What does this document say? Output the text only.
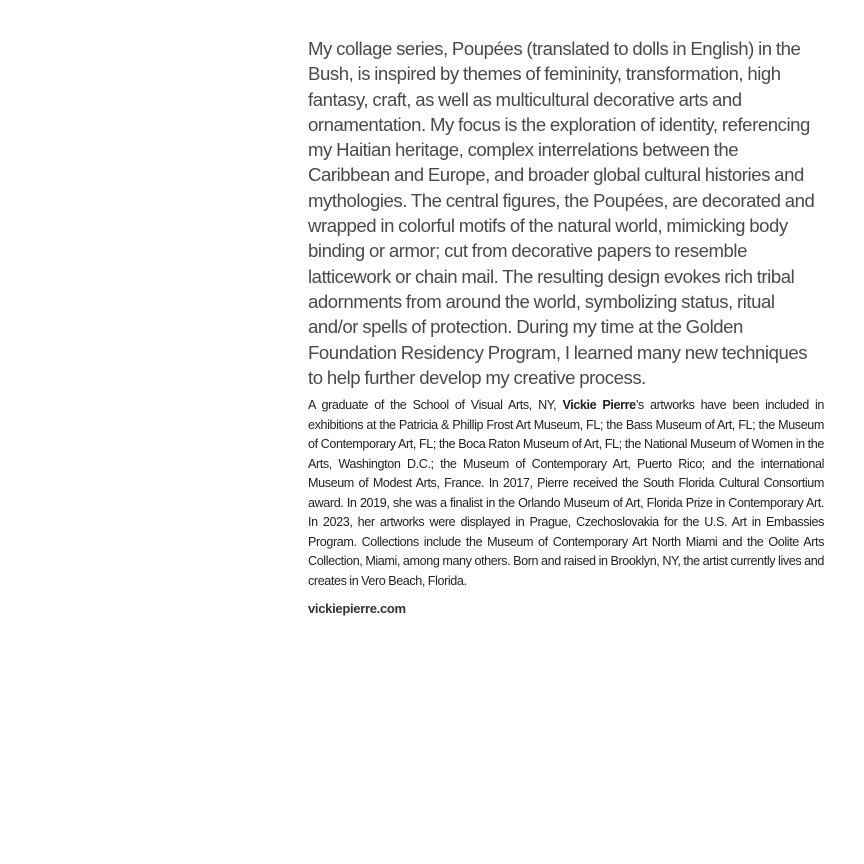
My collage series, Poupées (translated to dolls in English) in the Bush, is inspired by themes of femininity, transformation, high fantasy, craft, as well as multicultural decorative arts and ornamentation. My focus is the exploration of identity, referencing my Haitian heritage, complex interrelations between the Caribbean and Europe, and broader global cultural histories and mythologies. The central figures, the Poupées, are decorated and wrapped in colorful motifs of the natural world, mimicking body binding or armor; cut from decorative papers to resemble latticework or chain mail. The resulting design evokes rich tribal adornments from around the world, symbolizing status, ritual and/or spells of protection. During my time at the Golden Foundation Residency Program, I learned many new techniques to help further develop my creative process.

A graduate of the School of Visual Arts, NY, Vickie Pierre’s artworks have been included in exhibitions at the Patricia & Phillip Frost Art Museum, FL; the Bass Museum of Art, FL; the Museum of Contemporary Art, FL; the Boca Raton Museum of Art, FL; the National Museum of Women in the Arts, Washington D.C.; the Museum of Contemporary Art, Puerto Rico; and the international Museum of Modest Arts, France. In 2017, Pierre received the South Florida Cultural Consortium award. In 2019, she was a finalist in the Orlando Museum of Art, Florida Prize in Contemporary Art. In 2023, her artworks were displayed in Prague, Czechoslovakia for the U.S. Art in Embassies Program. Collections include the Museum of Contemporary Art North Miami and the Oolite Arts Collection, Miami, among many others. Born and raised in Brooklyn, NY, the artist currently lives and creates in Vero Beach, Florida.

vickiepierre.com
